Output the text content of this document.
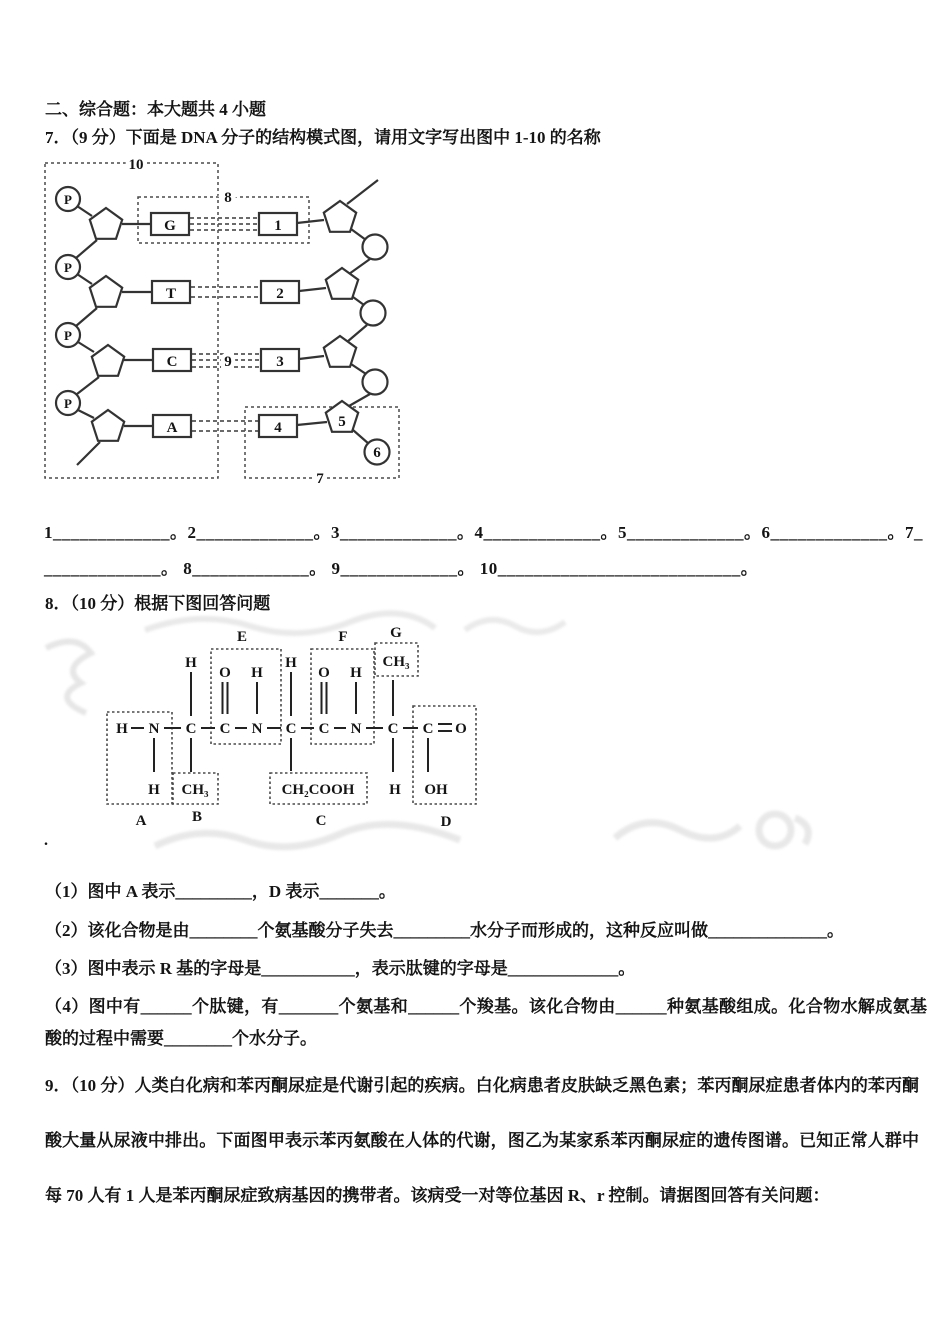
二、综合题：本大题共 4 小题
7．（9 分）下面是 DNA 分子的结构模式图，请用文字写出图中 1-10 的名称
P
P
P
P
G
T
C
A
1
2
3
4	5
6
7
8
9
10
1_____________。2_____________。3_____________。4_____________。5_____________。6_____________。7_
_____________。 8_____________。 9_____________。 10___________________________。
8．（10 分）根据下图回答问题
H N C C N C C N C C O
H
O H
H
O H
CH₃
H CH₃	CH₂COOH H OH
A	B	C	D
E	F	G
.
（1）图中 A 表示_________，D 表示_______。
（2）该化合物是由________个氨基酸分子失去_________水分子而形成的，这种反应叫做______________。
（3）图中表示 R 基的字母是___________，表示肽键的字母是_____________。
（4）图中有______个肽键，有_______个氨基和______个羧基。该化合物由______种氨基酸组成。化合物水解成氨基酸的过程中需要________个水分子。
9．（10 分）人类白化病和苯丙酮尿症是代谢引起的疾病。白化病患者皮肤缺乏黑色素；苯丙酮尿症患者体内的苯丙酮酸大量从尿液中排出。下面图甲表示苯丙氨酸在人体的代谢，图乙为某家系苯丙酮尿症的遗传图谱。已知正常人群中每 70 人有 1 人是苯丙酮尿症致病基因的携带者。该病受一对等位基因 R、r 控制。请据图回答有关问题：
